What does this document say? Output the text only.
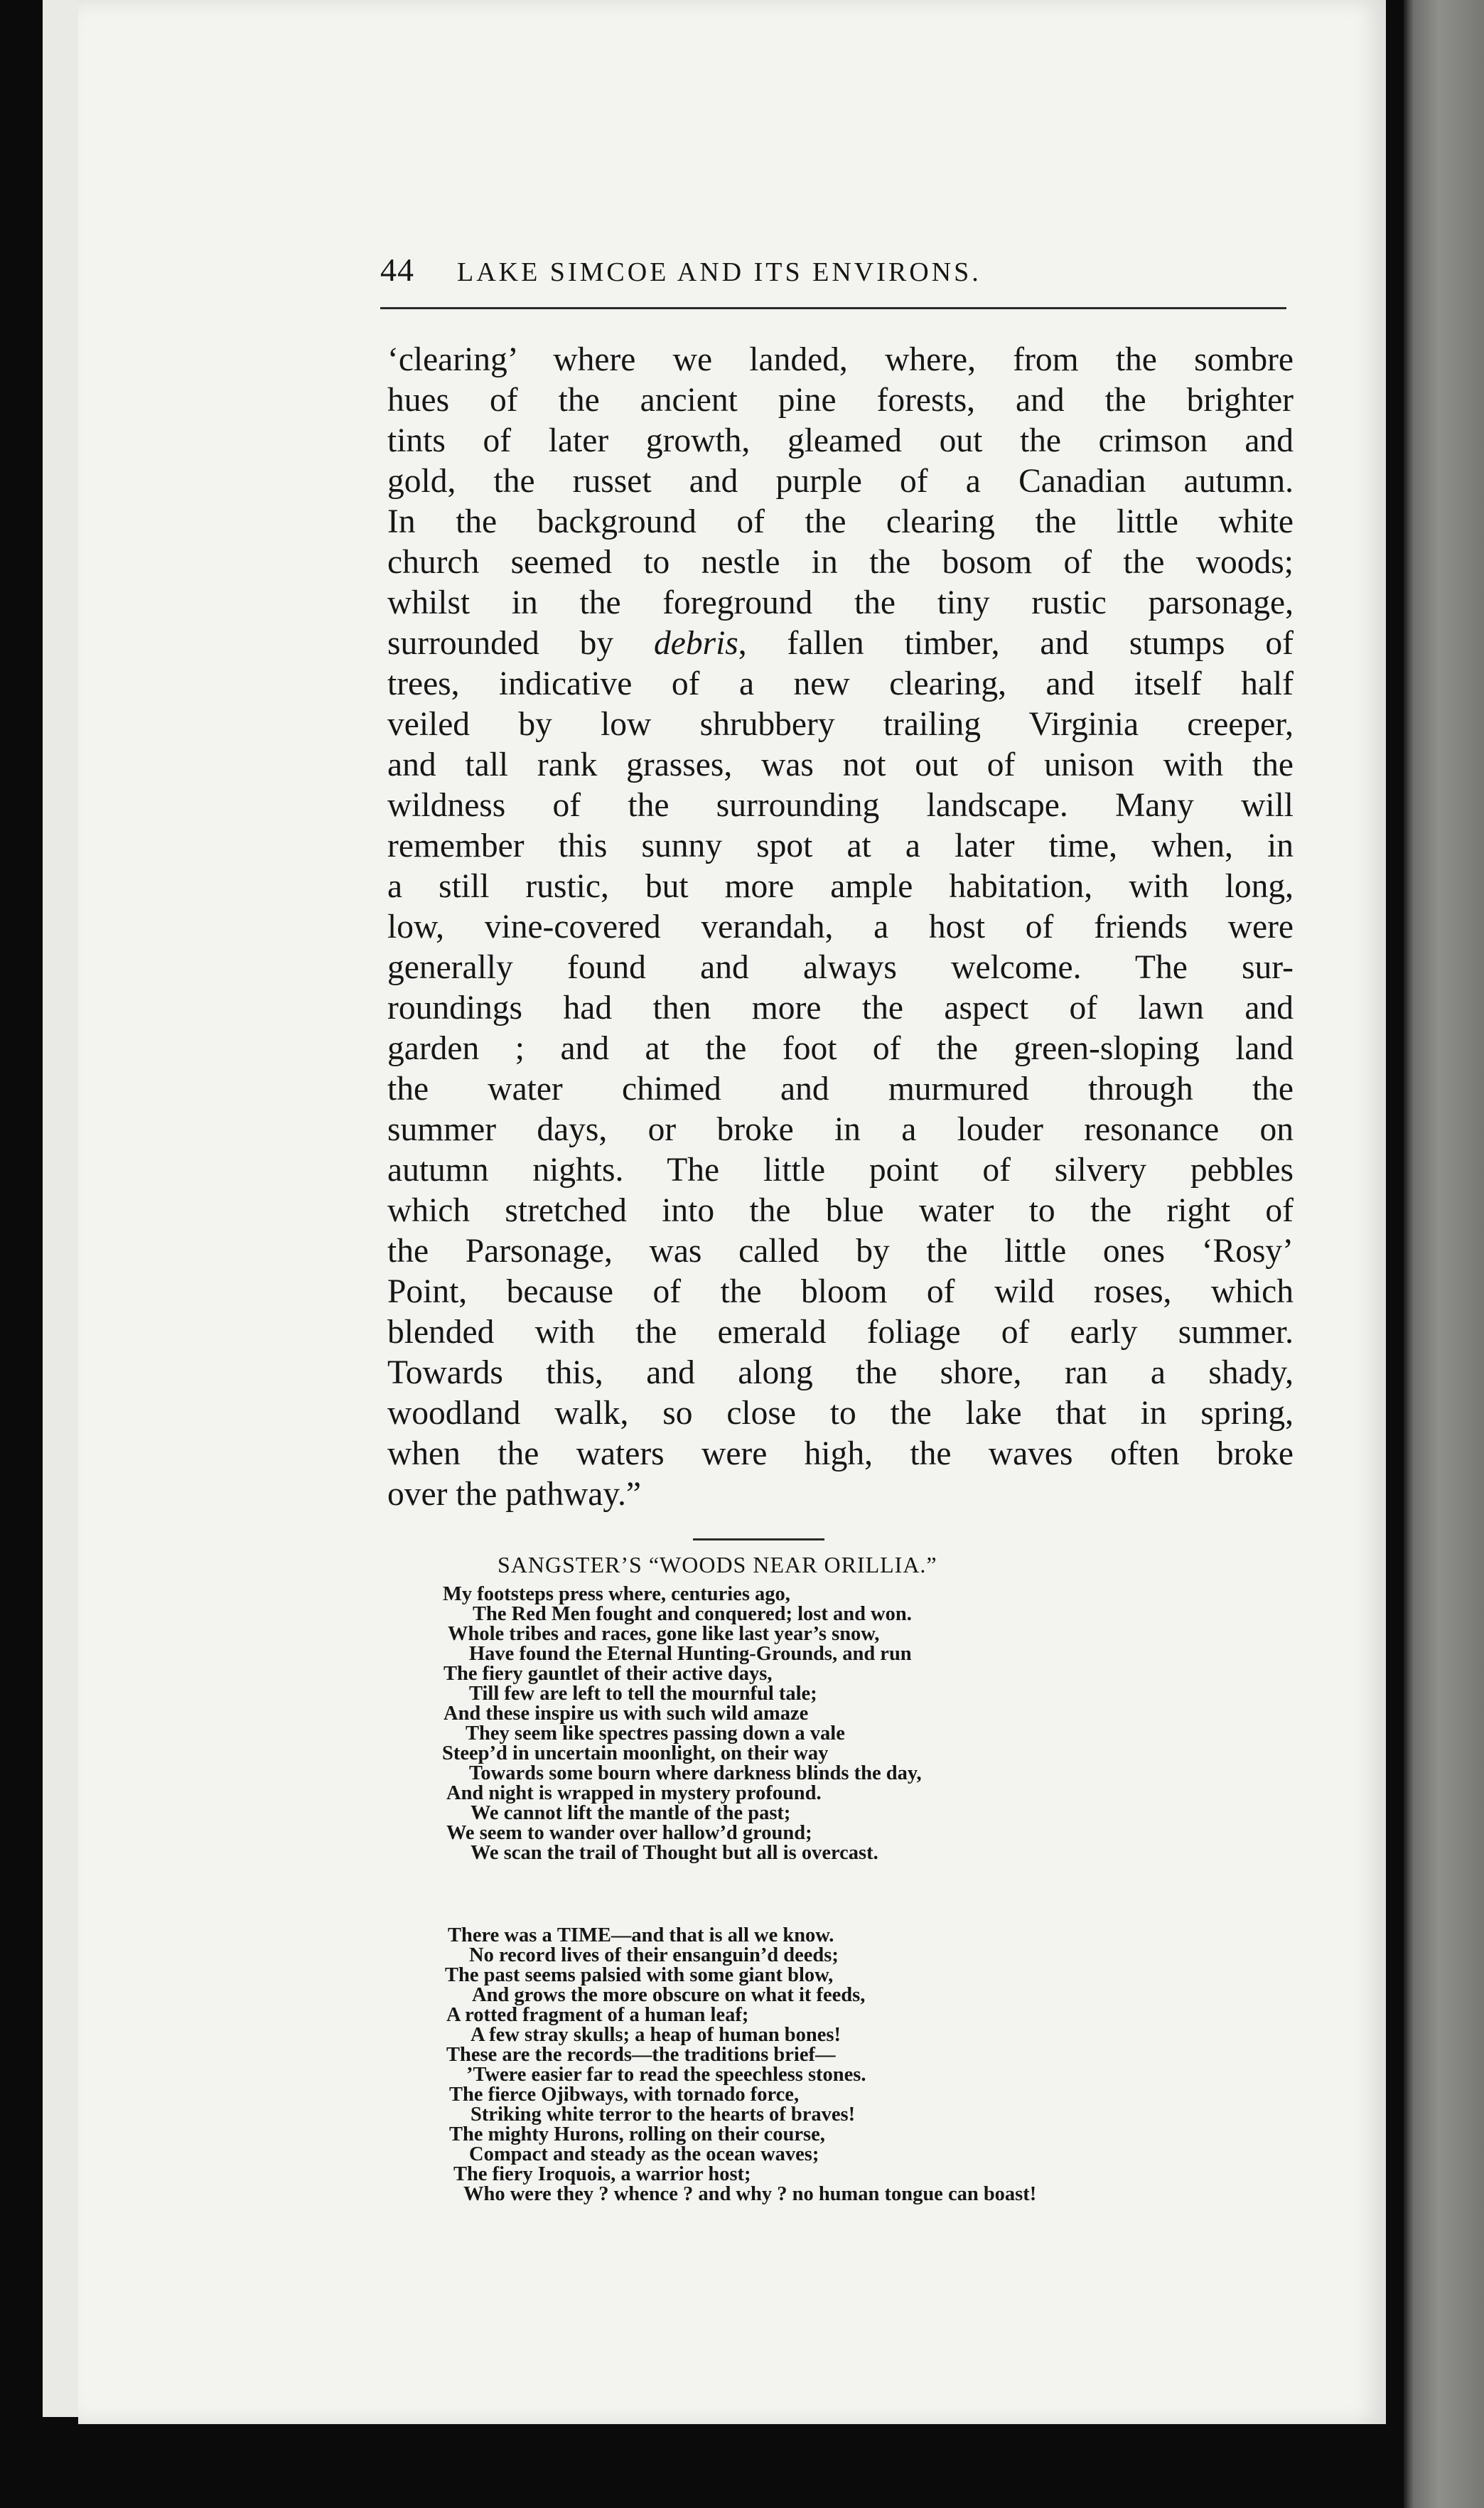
44 LAKE SIMCOE AND ITS ENVIRONS.
‘clearing’ where we landed, where, from the sombre
hues of the ancient pine forests, and the brighter
tints of later growth, gleamed out the crimson and
gold, the russet and purple of a Canadian autumn.
In the background of the clearing the little white
church seemed to nestle in the bosom of the woods;
whilst in the foreground the tiny rustic parsonage,
surrounded by debris, fallen timber, and stumps of
trees, indicative of a new clearing, and itself half
veiled by low shrubbery trailing Virginia creeper,
and tall rank grasses, was not out of unison with the
wildness of the surrounding landscape. Many will
remember this sunny spot at a later time, when, in
a still rustic, but more ample habitation, with long,
low, vine-covered verandah, a host of friends were
generally found and always welcome. The sur-
roundings had then more the aspect of lawn and
garden ; and at the foot of the green-sloping land
the water chimed and murmured through the
summer days, or broke in a louder resonance on
autumn nights. The little point of silvery pebbles
which stretched into the blue water to the right of
the Parsonage, was called by the little ones ‘Rosy’
Point, because of the bloom of wild roses, which
blended with the emerald foliage of early summer.
Towards this, and along the shore, ran a shady,
woodland walk, so close to the lake that in spring,
when the waters were high, the waves often broke
over the pathway.”
SANGSTER’S “WOODS NEAR ORILLIA.”
My footsteps press where, centuries ago,
The Red Men fought and conquered; lost and won.
Whole tribes and races, gone like last year’s snow,
Have found the Eternal Hunting-Grounds, and run
The fiery gauntlet of their active days,
Till few are left to tell the mournful tale;
And these inspire us with such wild amaze
They seem like spectres passing down a vale
Steep’d in uncertain moonlight, on their way
Towards some bourn where darkness blinds the day,
And night is wrapped in mystery profound.
We cannot lift the mantle of the past;
We seem to wander over hallow’d ground;
We scan the trail of Thought but all is overcast.
There was a TIME—and that is all we know.
No record lives of their ensanguin’d deeds;
The past seems palsied with some giant blow,
And grows the more obscure on what it feeds,
A rotted fragment of a human leaf;
A few stray skulls; a heap of human bones!
These are the records—the traditions brief—
’Twere easier far to read the speechless stones.
The fierce Ojibways, with tornado force,
Striking white terror to the hearts of braves!
The mighty Hurons, rolling on their course,
Compact and steady as the ocean waves;
The fiery Iroquois, a warrior host;
Who were they ? whence ? and why ? no human tongue can boast!
